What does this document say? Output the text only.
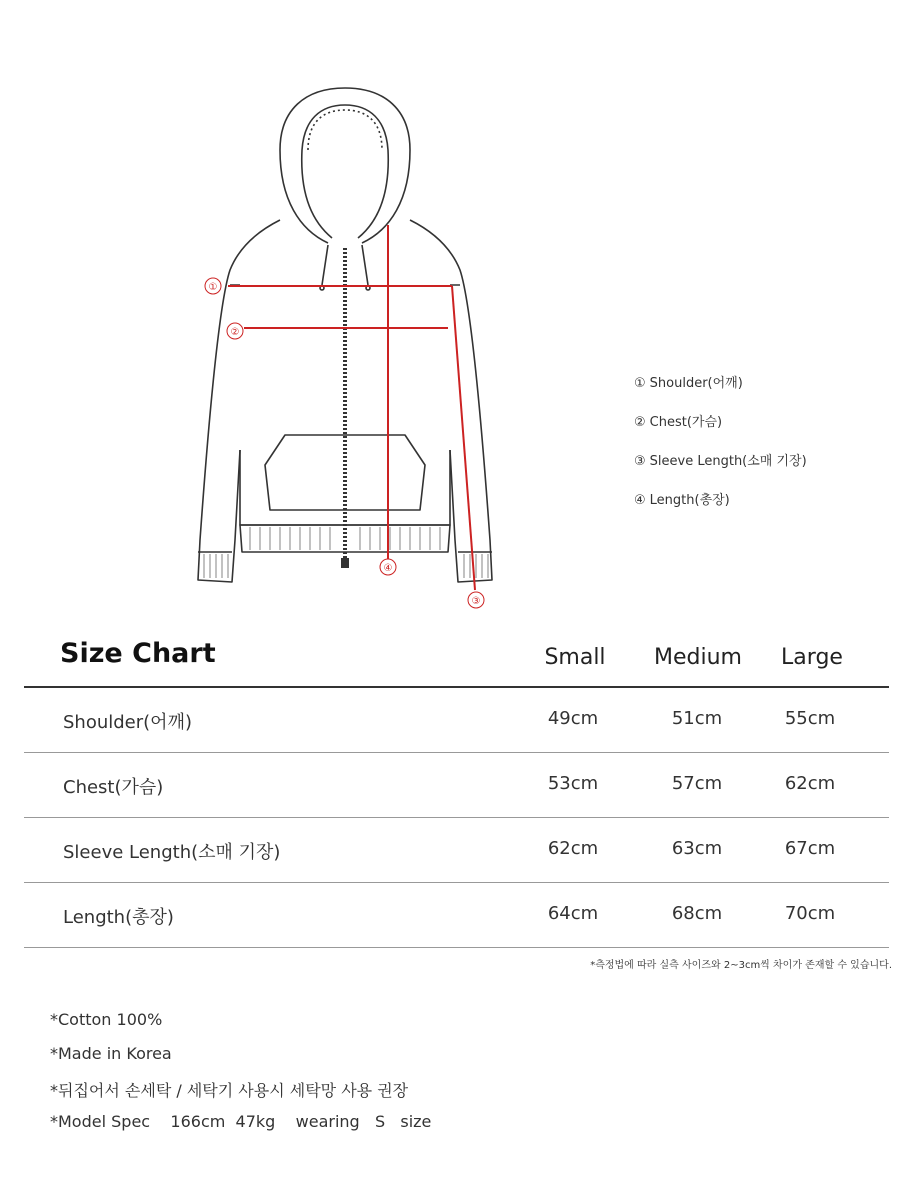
①
②
③
④
① Shoulder(어깨)
② Chest(가슴)
③ Sleeve Length(소매 기장)
④ Length(총장)
Size Chart	Small	Medium	Large
Shoulder(어깨)	49cm	51cm	55cm
Chest(가슴)	53cm	57cm	62cm
Sleeve Length(소매 기장)	62cm	63cm	67cm
Length(총장)	64cm	68cm	70cm
*측정법에 따라 실측 사이즈와 2~3cm씩 차이가 존재할 수 있습니다.
*Cotton 100%
*Made in Korea
*뒤집어서 손세탁 / 세탁기 사용시 세탁망 사용 권장
*Model Spec    166cm  47kg    wearing   S   size
